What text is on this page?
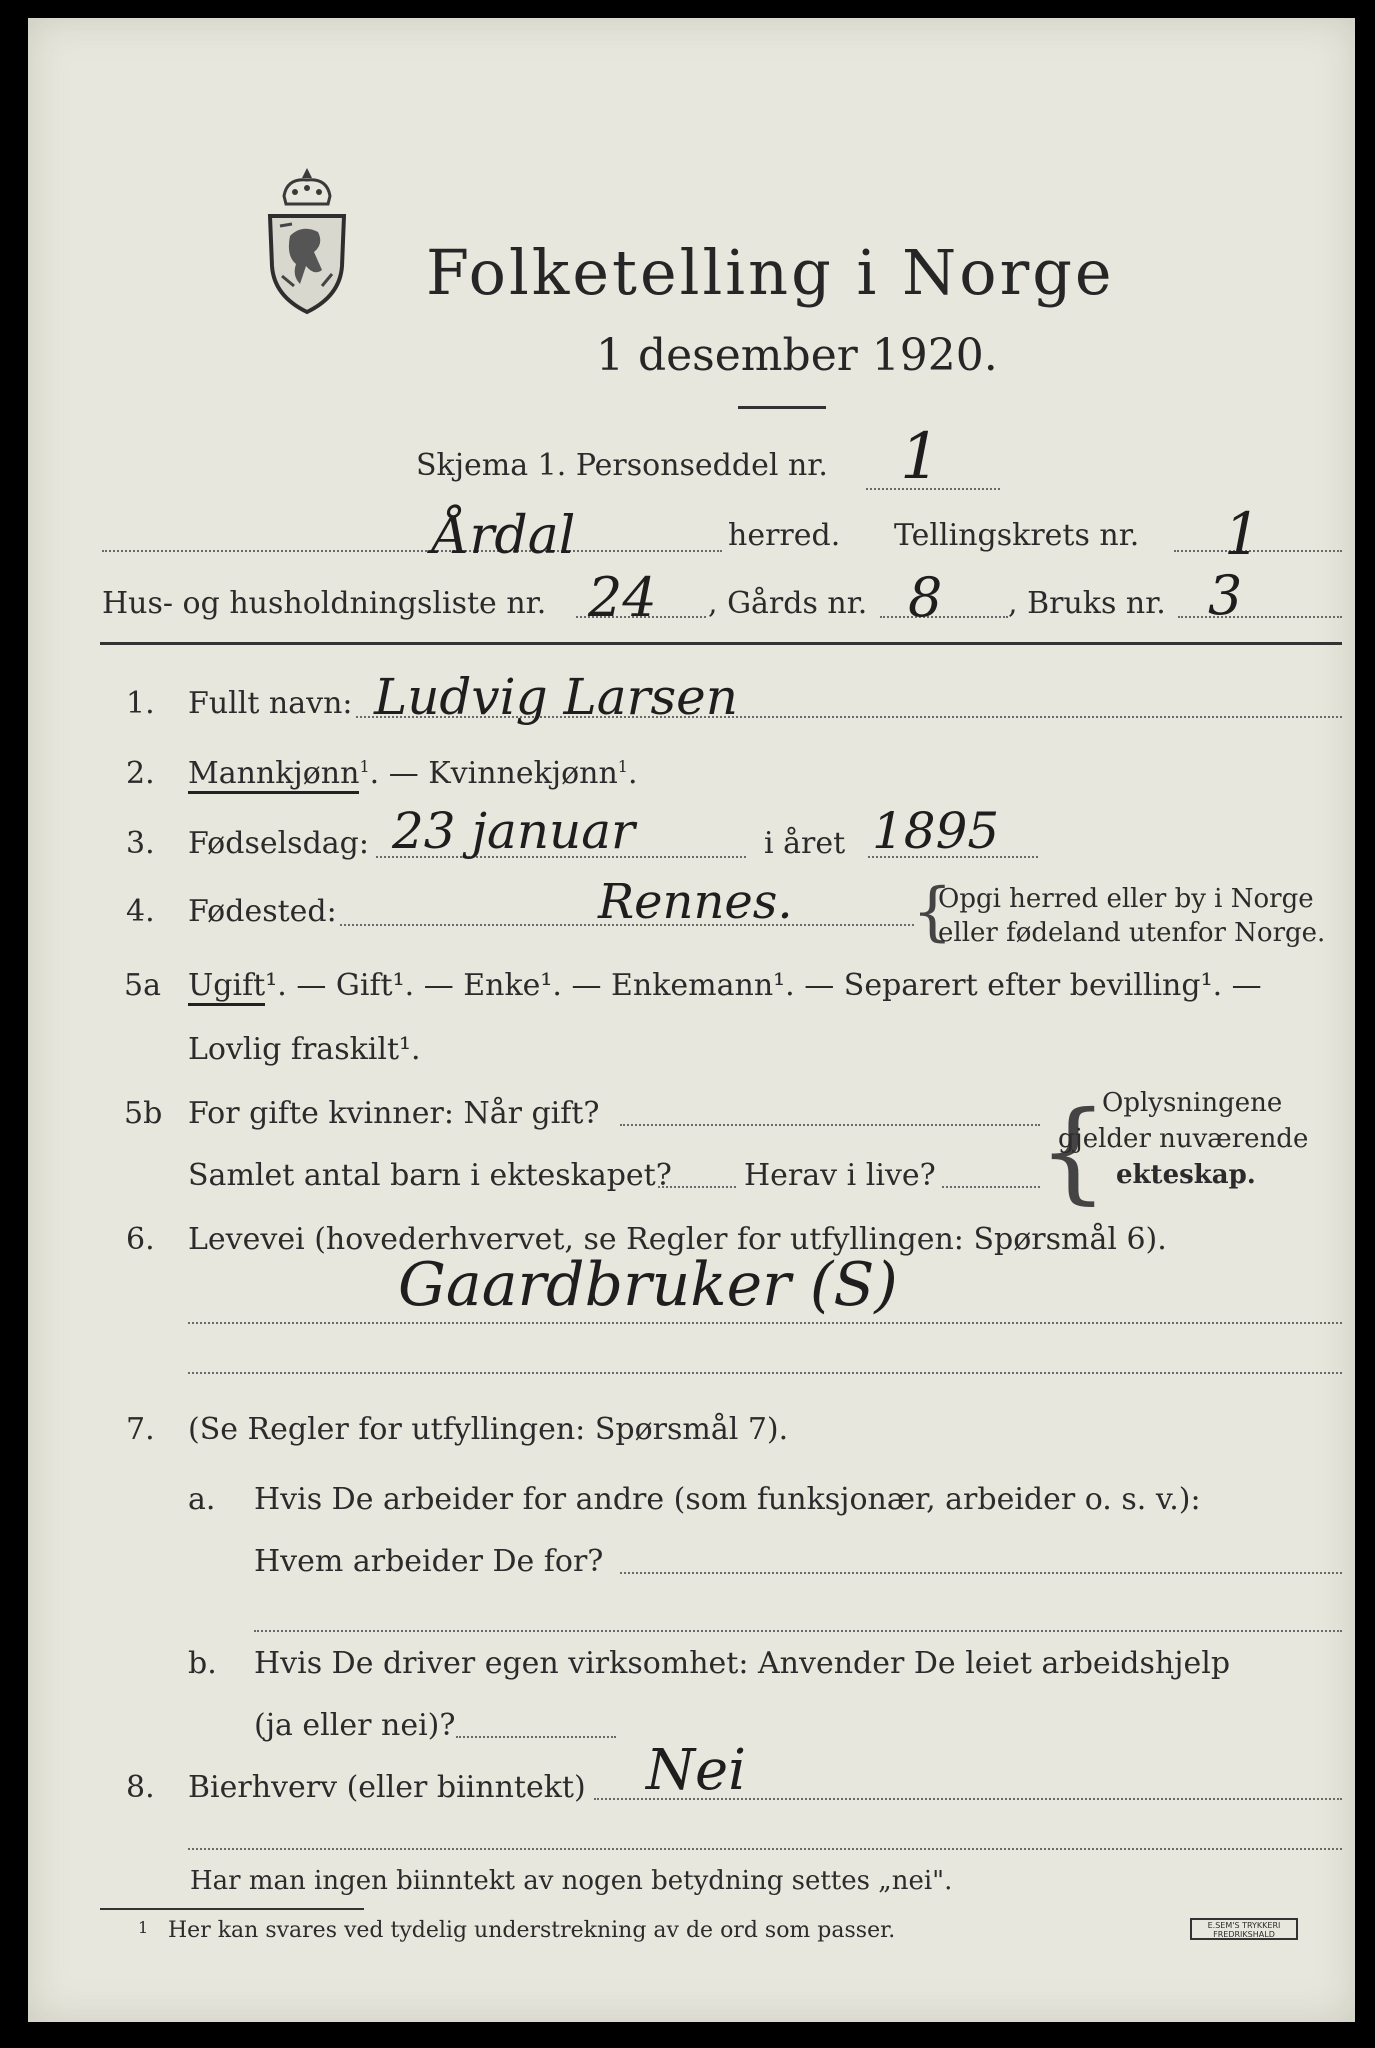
Folketelling i Norge
1 desember 1920.
Skjema 1. Personseddel nr. 1
Årdal	herred. Tellingskrets nr. 1
Hus- og husholdningsliste nr. 24 , Gårds nr. 8 , Bruks nr. 3
1. Fullt navn: Ludvig Larsen
2. Mannkjønn$^1$. — Kvinnekjønn$^1$.
3. Fødselsdag: 23 januar	i året 1895
4. Fødested:	Rennes. {
Opgi herred eller by i Norge
eller fødeland utenfor Norge.
5a Ugift¹. — Gift¹. — Enke¹. — Enkemann¹. — Separert efter bevilling¹. —
Lovlig fraskilt¹.
5b For gifte kvinner: Når gift?
Samlet antal barn i ekteskapet? Herav i live? {
Oplysningene
gjelder nuværende
ekteskap.
6. Levevei (hovederhvervet, se Regler for utfyllingen: Spørsmål 6).
Gaardbruker (S)
7. (Se Regler for utfyllingen: Spørsmål 7).
a. Hvis De arbeider for andre (som funksjonær, arbeider o. s. v.):
Hvem arbeider De for?
b. Hvis De driver egen virksomhet: Anvender De leiet arbeidshjelp
(ja eller nei)?
8. Bierhverv (eller biinntekt) Nei
Har man ingen biinntekt av nogen betydning settes „nei".
1 Her kan svares ved tydelig understrekning av de ord som passer.	E.SEM'S TRYKKERI
FREDRIKSHALD
